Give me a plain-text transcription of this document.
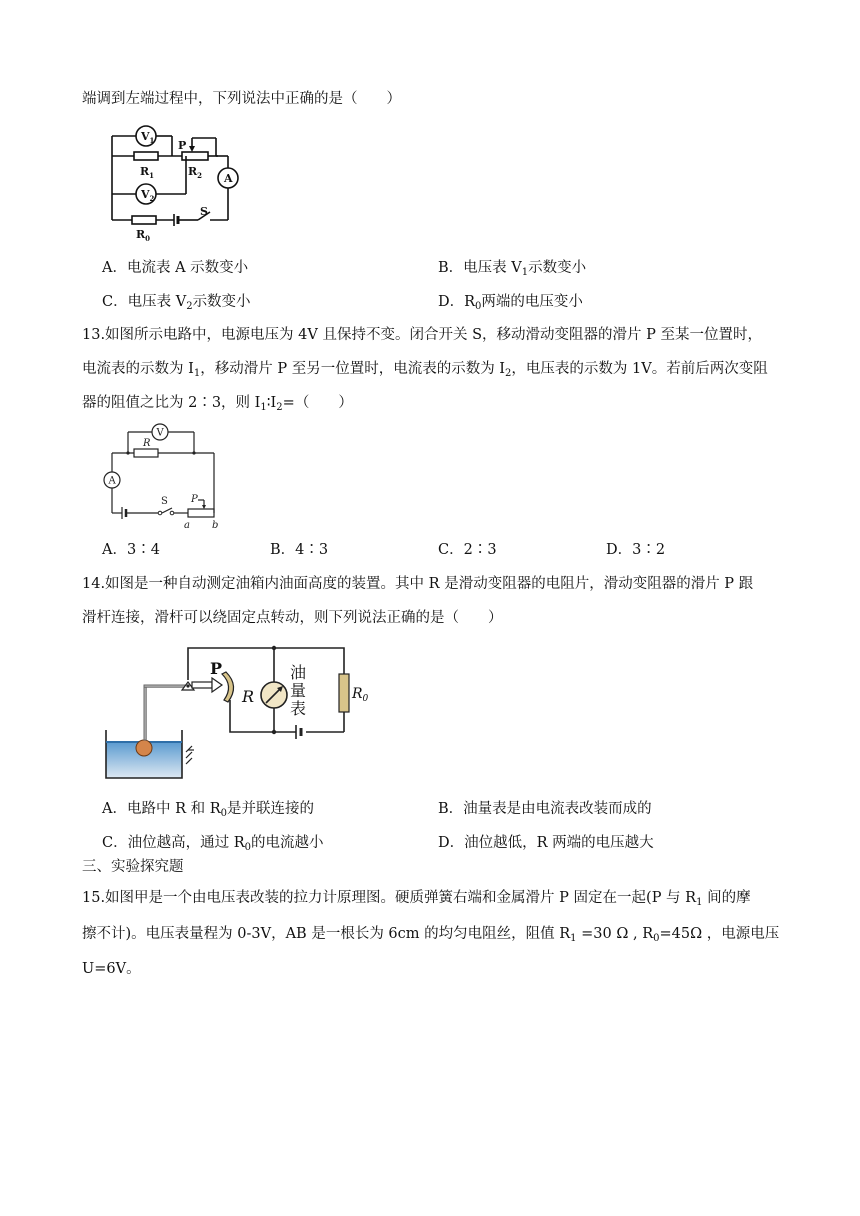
端调到左端过程中，下列说法中正确的是（　　）
$V_1$
$V_2$
A
P
$R_1$	$R_2$
S
$R_0$
A．电流表 A 示数变小	B．电压表 $V_1$示数变小
C．电压表 $V_2$示数变小	D．$R_0$两端的电压变小
13.如图所示电路中，电源电压为 4V 且保持不变。闭合开关 S，移动滑动变阻器的滑片 P 至某一位置时，
电流表的示数为 $I_1$，移动滑片 P 至另一位置时，电流表的示数为 $I_2$，电压表的示数为 1V。若前后两次变阻
器的阻值之比为 2∶3，则 $I_1∶I_2=$（　　）
V
A
R
S P
a b
A．3∶4	B．4∶3	C．2∶3	D．3∶2
14.如图是一种自动测定油箱内油面高度的装置。其中 R 是滑动变阻器的电阻片，滑动变阻器的滑片 P 跟
滑杆连接，滑杆可以绕固定点转动，则下列说法正确的是（　　）
P
R
油
量
表
$R_0$
A．电路中 R 和 $R_0$是并联连接的	B．油量表是由电流表改装而成的
C．油位越高，通过 $R_0$的电流越小	D．油位越低，R 两端的电压越大
三、实验探究题
15.如图甲是一个由电压表改装的拉力计原理图。硬质弹簧右端和金属滑片 P 固定在一起(P 与 $R_1$ 间的摩
擦不计)。电压表量程为 0-3V，AB 是一根长为 6cm 的均匀电阻丝，阻值 $R_1 =30$ Ω , $R_0=45\Omega$ ，电源电压
U=6V。
